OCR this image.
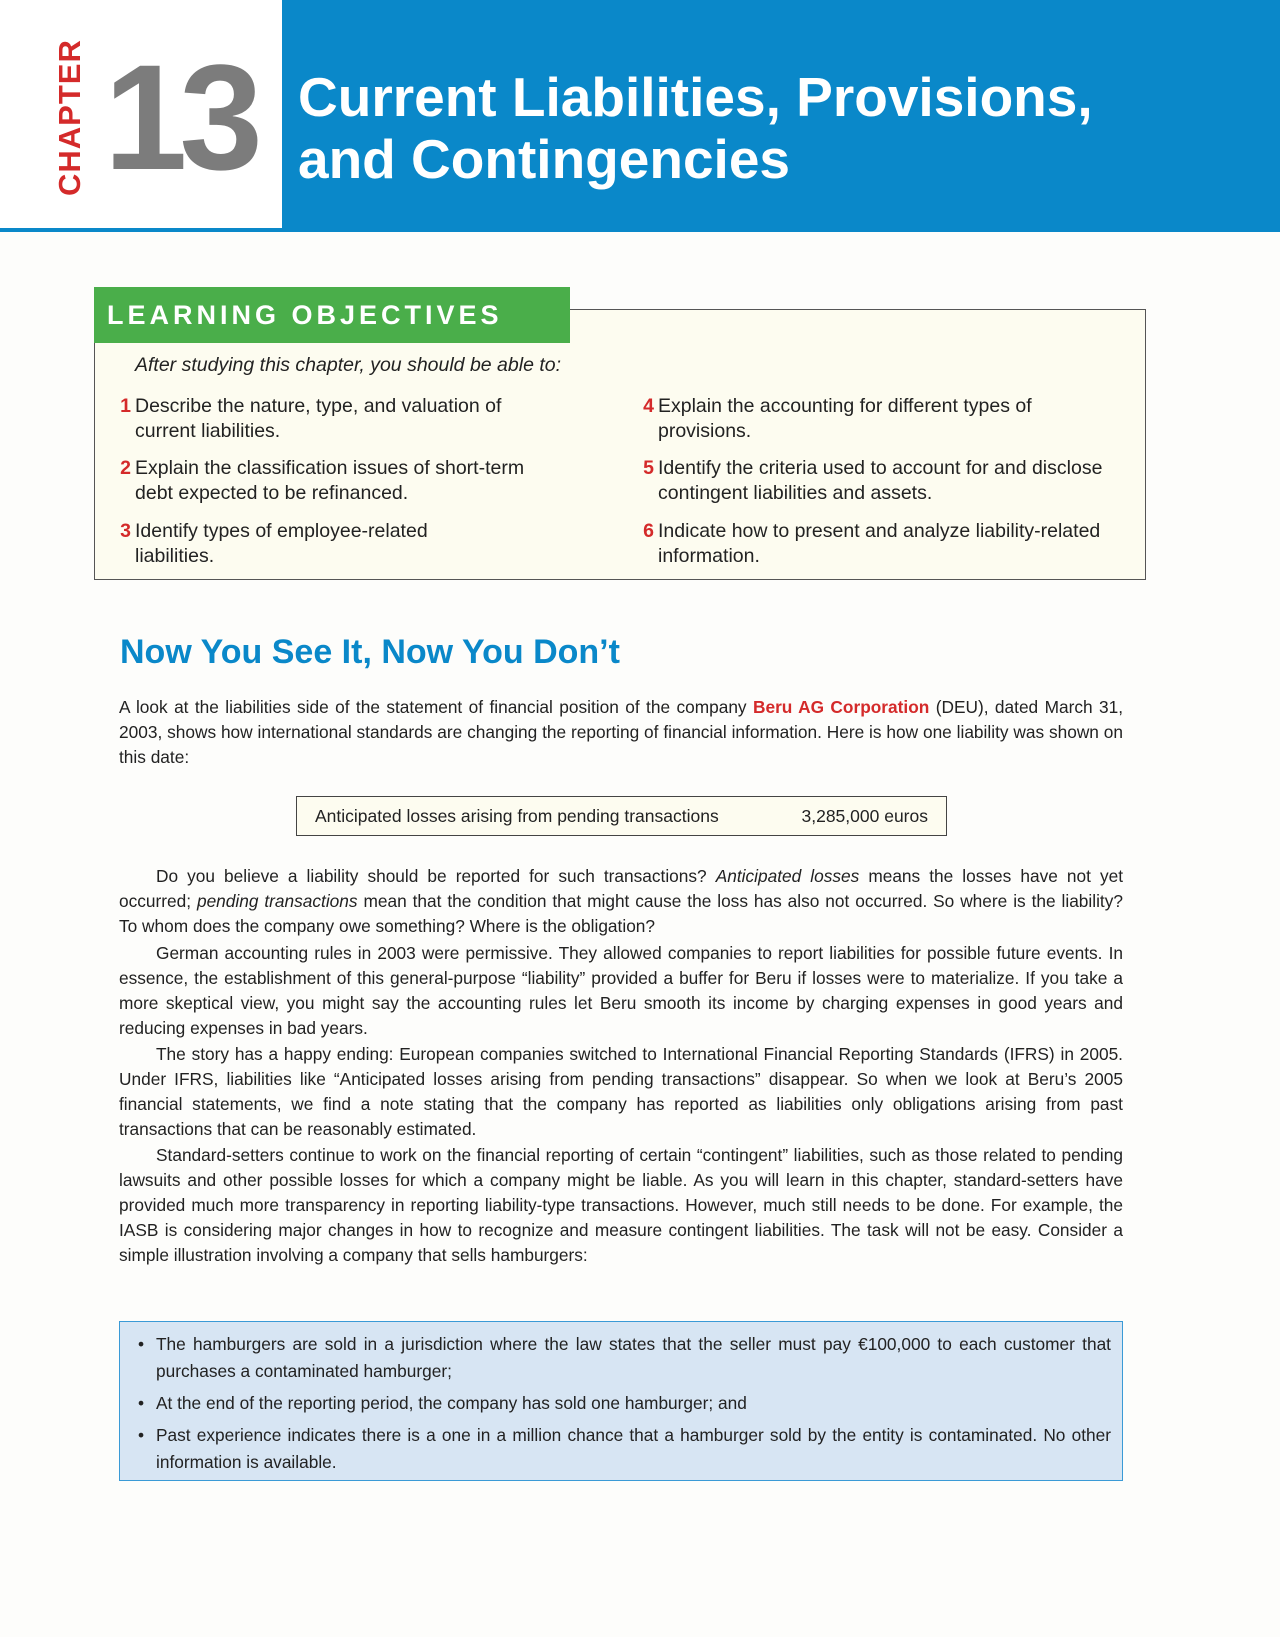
CHAPTER 13 Current Liabilities, Provisions,
and Contingencies
LEARNING OBJECTIVES
After studying this chapter, you should be able to:
1 Describe the nature, type, and valuation of
current liabilities.
2 Explain the classification issues of short-term
debt expected to be refinanced.
3 Identify types of employee-related
liabilities.
4 Explain the accounting for different types of
provisions.
5 Identify the criteria used to account for and disclose
contingent liabilities and assets.
6 Indicate how to present and analyze liability-related
information.
Now You See It, Now You Don’t

A look at the liabilities side of the statement of financial position of the company Beru AG Corporation (DEU), dated March 31, 2003, shows how international standards are changing the reporting of financial information. Here is how one liability was shown on this date:

Anticipated losses arising from pending transactions	3,285,000 euros

Do you believe a liability should be reported for such transactions? Anticipated losses means the losses have not yet occurred; pending transactions mean that the condition that might cause the loss has also not occurred. So where is the liability? To whom does the company owe something? Where is the obligation?

German accounting rules in 2003 were permissive. They allowed companies to report liabilities for possible future events. In essence, the establishment of this general-purpose “liability” provided a buffer for Beru if losses were to materialize. If you take a more skeptical view, you might say the accounting rules let Beru smooth its income by charging expenses in good years and reducing expenses in bad years.

The story has a happy ending: European companies switched to International Financial Reporting Standards (IFRS) in 2005. Under IFRS, liabilities like “Anticipated losses arising from pending transactions” disappear. So when we look at Beru’s 2005 financial statements, we find a note stating that the company has reported as liabilities only obligations arising from past transactions that can be reasonably estimated.

Standard-setters continue to work on the financial reporting of certain “contingent” liabilities, such as those related to pending lawsuits and other possible losses for which a company might be liable. As you will learn in this chapter, standard-setters have provided much more transparency in reporting liability-type transactions. However, much still needs to be done. For example, the IASB is considering major changes in how to recognize and measure contingent liabilities. The task will not be easy. Consider a simple illustration involving a company that sells hamburgers:

• The hamburgers are sold in a jurisdiction where the law states that the seller must pay €100,000 to each customer that purchases a contaminated hamburger;
• At the end of the reporting period, the company has sold one hamburger; and
• Past experience indicates there is a one in a million chance that a hamburger sold by the entity is contaminated. No other information is available.
